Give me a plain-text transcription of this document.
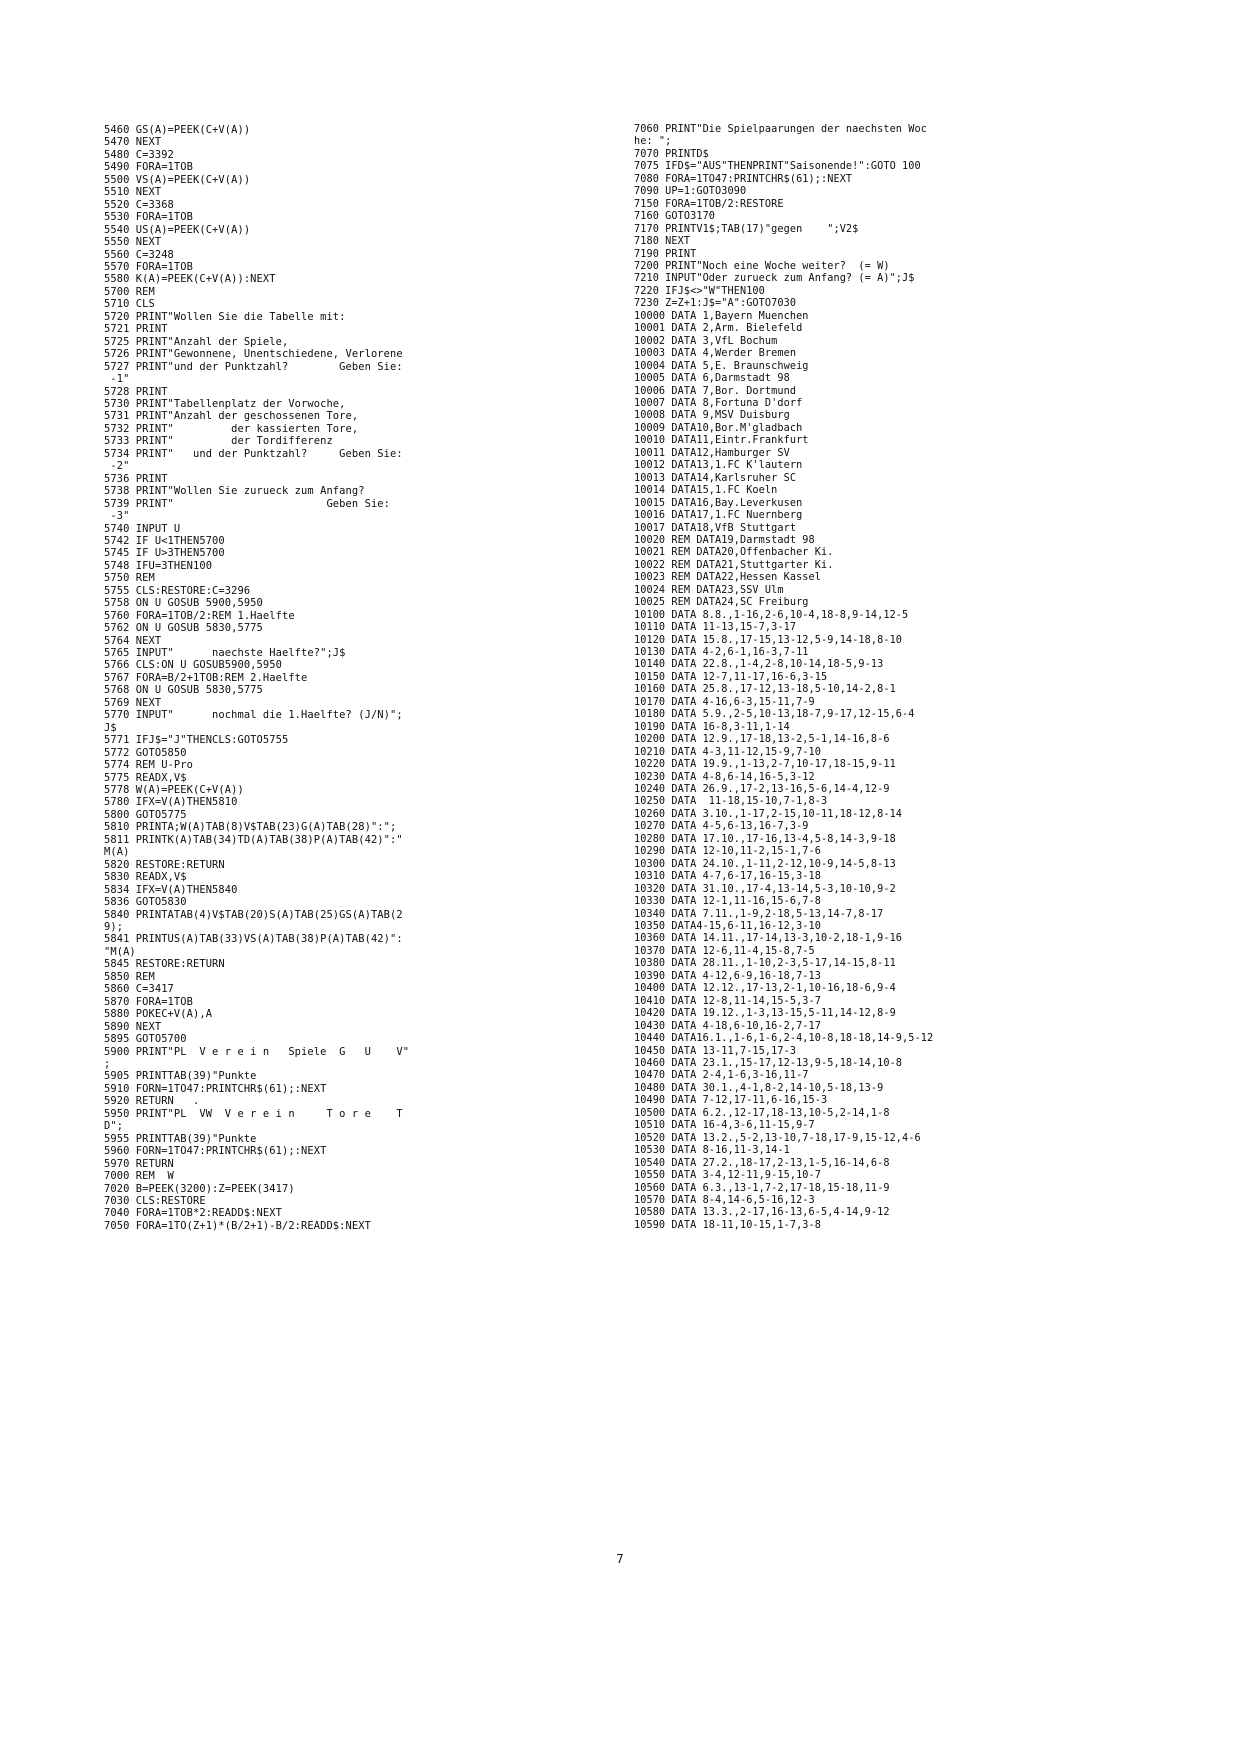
5460 GS(A)=PEEK(C+V(A))
5470 NEXT
5480 C=3392
5490 FORA=1TOB
5500 VS(A)=PEEK(C+V(A))
5510 NEXT
5520 C=3368
5530 FORA=1TOB
5540 US(A)=PEEK(C+V(A))
5550 NEXT
5560 C=3248
5570 FORA=1TOB
5580 K(A)=PEEK(C+V(A)):NEXT
5700 REM
5710 CLS
5720 PRINT"Wollen Sie die Tabelle mit:
5721 PRINT
5725 PRINT"Anzahl der Spiele,
5726 PRINT"Gewonnene, Unentschiedene, Verlorene
5727 PRINT"und der Punktzahl?        Geben Sie:
-1"
5728 PRINT
5730 PRINT"Tabellenplatz der Vorwoche,
5731 PRINT"Anzahl der geschossenen Tore,
5732 PRINT"         der kassierten Tore,
5733 PRINT"         der Tordifferenz
5734 PRINT"   und der Punktzahl?     Geben Sie:
-2"
5736 PRINT
5738 PRINT"Wollen Sie zurueck zum Anfang?
5739 PRINT"                        Geben Sie:
-3"
5740 INPUT U
5742 IF U<1THEN5700
5745 IF U>3THEN5700
5748 IFU=3THEN100
5750 REM
5755 CLS:RESTORE:C=3296
5758 ON U GOSUB 5900,5950
5760 FORA=1TOB/2:REM 1.Haelfte
5762 ON U GOSUB 5830,5775
5764 NEXT
5765 INPUT"      naechste Haelfte?";J$
5766 CLS:ON U GOSUB5900,5950
5767 FORA=B/2+1TOB:REM 2.Haelfte
5768 ON U GOSUB 5830,5775
5769 NEXT
5770 INPUT"      nochmal die 1.Haelfte? (J/N)";
J$
5771 IFJ$="J"THENCLS:GOTO5755
5772 GOTO5850
5774 REM U-Pro
5775 READX,V$
5778 W(A)=PEEK(C+V(A))
5780 IFX=V(A)THEN5810
5800 GOTO5775
5810 PRINTA;W(A)TAB(8)V$TAB(23)G(A)TAB(28)":";
5811 PRINTK(A)TAB(34)TD(A)TAB(38)P(A)TAB(42)":"
M(A)
5820 RESTORE:RETURN
5830 READX,V$
5834 IFX=V(A)THEN5840
5836 GOTO5830
5840 PRINTATAB(4)V$TAB(20)S(A)TAB(25)GS(A)TAB(2
9);
5841 PRINTUS(A)TAB(33)VS(A)TAB(38)P(A)TAB(42)":
"M(A)
5845 RESTORE:RETURN
5850 REM
5860 C=3417
5870 FORA=1TOB
5880 POKEC+V(A),A
5890 NEXT
5895 GOTO5700
5900 PRINT"PL  V e r e i n   Spiele  G   U    V"
;
5905 PRINTTAB(39)"Punkte
5910 FORN=1TO47:PRINTCHR$(61);:NEXT
5920 RETURN   .
5950 PRINT"PL  VW  V e r e i n     T o r e    T
D";
5955 PRINTTAB(39)"Punkte
5960 FORN=1TO47:PRINTCHR$(61);:NEXT
5970 RETURN
7000 REM  W
7020 B=PEEK(3200):Z=PEEK(3417)
7030 CLS:RESTORE
7040 FORA=1TOB*2:READD$:NEXT
7050 FORA=1TO(Z+1)*(B/2+1)-B/2:READD$:NEXT
7060 PRINT"Die Spielpaarungen der naechsten Woc
he: ";
7070 PRINTD$
7075 IFD$="AUS"THENPRINT"Saisonende!":GOTO 100
7080 FORA=1TO47:PRINTCHR$(61);:NEXT
7090 UP=1:GOTO3090
7150 FORA=1TOB/2:RESTORE
7160 GOTO3170
7170 PRINTV1$;TAB(17)"gegen    ";V2$
7180 NEXT
7190 PRINT
7200 PRINT"Noch eine Woche weiter?  (= W)
7210 INPUT"Oder zurueck zum Anfang? (= A)";J$
7220 IFJ$<>"W"THEN100
7230 Z=Z+1:J$="A":GOTO7030
10000 DATA 1,Bayern Muenchen
10001 DATA 2,Arm. Bielefeld
10002 DATA 3,VfL Bochum
10003 DATA 4,Werder Bremen
10004 DATA 5,E. Braunschweig
10005 DATA 6,Darmstadt 98
10006 DATA 7,Bor. Dortmund
10007 DATA 8,Fortuna D'dorf
10008 DATA 9,MSV Duisburg
10009 DATA10,Bor.M'gladbach
10010 DATA11,Eintr.Frankfurt
10011 DATA12,Hamburger SV
10012 DATA13,1.FC K'lautern
10013 DATA14,Karlsruher SC
10014 DATA15,1.FC Koeln
10015 DATA16,Bay.Leverkusen
10016 DATA17,1.FC Nuernberg
10017 DATA18,VfB Stuttgart
10020 REM DATA19,Darmstadt 98
10021 REM DATA20,Offenbacher Ki.
10022 REM DATA21,Stuttgarter Ki.
10023 REM DATA22,Hessen Kassel
10024 REM DATA23,SSV Ulm
10025 REM DATA24,SC Freiburg
10100 DATA 8.8.,1-16,2-6,10-4,18-8,9-14,12-5
10110 DATA 11-13,15-7,3-17
10120 DATA 15.8.,17-15,13-12,5-9,14-18,8-10
10130 DATA 4-2,6-1,16-3,7-11
10140 DATA 22.8.,1-4,2-8,10-14,18-5,9-13
10150 DATA 12-7,11-17,16-6,3-15
10160 DATA 25.8.,17-12,13-18,5-10,14-2,8-1
10170 DATA 4-16,6-3,15-11,7-9
10180 DATA 5.9.,2-5,10-13,18-7,9-17,12-15,6-4
10190 DATA 16-8,3-11,1-14
10200 DATA 12.9.,17-18,13-2,5-1,14-16,8-6
10210 DATA 4-3,11-12,15-9,7-10
10220 DATA 19.9.,1-13,2-7,10-17,18-15,9-11
10230 DATA 4-8,6-14,16-5,3-12
10240 DATA 26.9.,17-2,13-16,5-6,14-4,12-9
10250 DATA  11-18,15-10,7-1,8-3
10260 DATA 3.10.,1-17,2-15,10-11,18-12,8-14
10270 DATA 4-5,6-13,16-7,3-9
10280 DATA 17.10.,17-16,13-4,5-8,14-3,9-18
10290 DATA 12-10,11-2,15-1,7-6
10300 DATA 24.10.,1-11,2-12,10-9,14-5,8-13
10310 DATA 4-7,6-17,16-15,3-18
10320 DATA 31.10.,17-4,13-14,5-3,10-10,9-2
10330 DATA 12-1,11-16,15-6,7-8
10340 DATA 7.11.,1-9,2-18,5-13,14-7,8-17
10350 DATA4-15,6-11,16-12,3-10
10360 DATA 14.11.,17-14,13-3,10-2,18-1,9-16
10370 DATA 12-6,11-4,15-8,7-5
10380 DATA 28.11.,1-10,2-3,5-17,14-15,8-11
10390 DATA 4-12,6-9,16-18,7-13
10400 DATA 12.12.,17-13,2-1,10-16,18-6,9-4
10410 DATA 12-8,11-14,15-5,3-7
10420 DATA 19.12.,1-3,13-15,5-11,14-12,8-9
10430 DATA 4-18,6-10,16-2,7-17
10440 DATA16.1.,1-6,1-6,2-4,10-8,18-18,14-9,5-12
10450 DATA 13-11,7-15,17-3
10460 DATA 23.1.,15-17,12-13,9-5,18-14,10-8
10470 DATA 2-4,1-6,3-16,11-7
10480 DATA 30.1.,4-1,8-2,14-10,5-18,13-9
10490 DATA 7-12,17-11,6-16,15-3
10500 DATA 6.2.,12-17,18-13,10-5,2-14,1-8
10510 DATA 16-4,3-6,11-15,9-7
10520 DATA 13.2.,5-2,13-10,7-18,17-9,15-12,4-6
10530 DATA 8-16,11-3,14-1
10540 DATA 27.2.,18-17,2-13,1-5,16-14,6-8
10550 DATA 3-4,12-11,9-15,10-7
10560 DATA 6.3.,13-1,7-2,17-18,15-18,11-9
10570 DATA 8-4,14-6,5-16,12-3
10580 DATA 13.3.,2-17,16-13,6-5,4-14,9-12
10590 DATA 18-11,10-15,1-7,3-8
7
